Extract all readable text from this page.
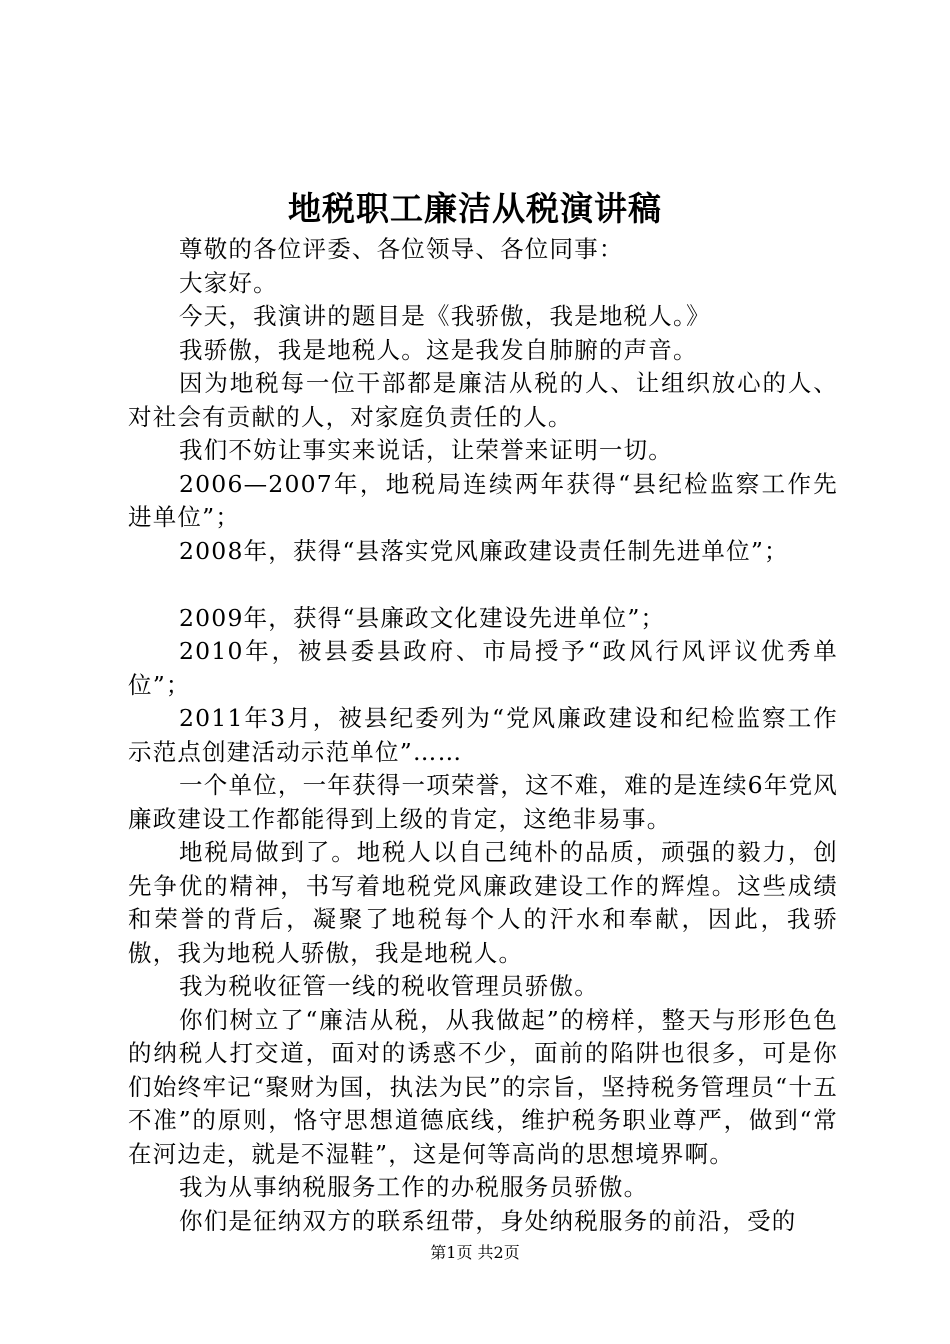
地税职工廉洁从税演讲稿

尊敬的各位评委、各位领导、各位同事：

大家好。

今天，我演讲的题目是《我骄傲，我是地税人。》

我骄傲，我是地税人。这是我发自肺腑的声音。

因为地税每一位干部都是廉洁从税的人、让组织放心的人、对社会有贡献的人，对家庭负责任的人。

我们不妨让事实来说话，让荣誉来证明一切。

2006—2007年，地税局连续两年获得“县纪检监察工作先进单位”；

2008年，获得“县落实党风廉政建设责任制先进单位”；

2009年，获得“县廉政文化建设先进单位”；

2010年，被县委县政府、市局授予“政风行风评议优秀单位”；

2011年3月，被县纪委列为“党风廉政建设和纪检监察工作示范点创建活动示范单位”……

一个单位，一年获得一项荣誉，这不难，难的是连续6年党风廉政建设工作都能得到上级的肯定，这绝非易事。

地税局做到了。地税人以自己纯朴的品质，顽强的毅力，创先争优的精神，书写着地税党风廉政建设工作的辉煌。这些成绩和荣誉的背后，凝聚了地税每个人的汗水和奉献，因此，我骄傲，我为地税人骄傲，我是地税人。

我为税收征管一线的税收管理员骄傲。

你们树立了“廉洁从税，从我做起”的榜样，整天与形形色色的纳税人打交道，面对的诱惑不少，面前的陷阱也很多，可是你们始终牢记“聚财为国，执法为民”的宗旨，坚持税务管理员“十五不准”的原则，恪守思想道德底线，维护税务职业尊严，做到“常在河边走，就是不湿鞋”，这是何等高尚的思想境界啊。

我为从事纳税服务工作的办税服务员骄傲。

你们是征纳双方的联系纽带，身处纳税服务的前沿，受的

第1页 共2页
